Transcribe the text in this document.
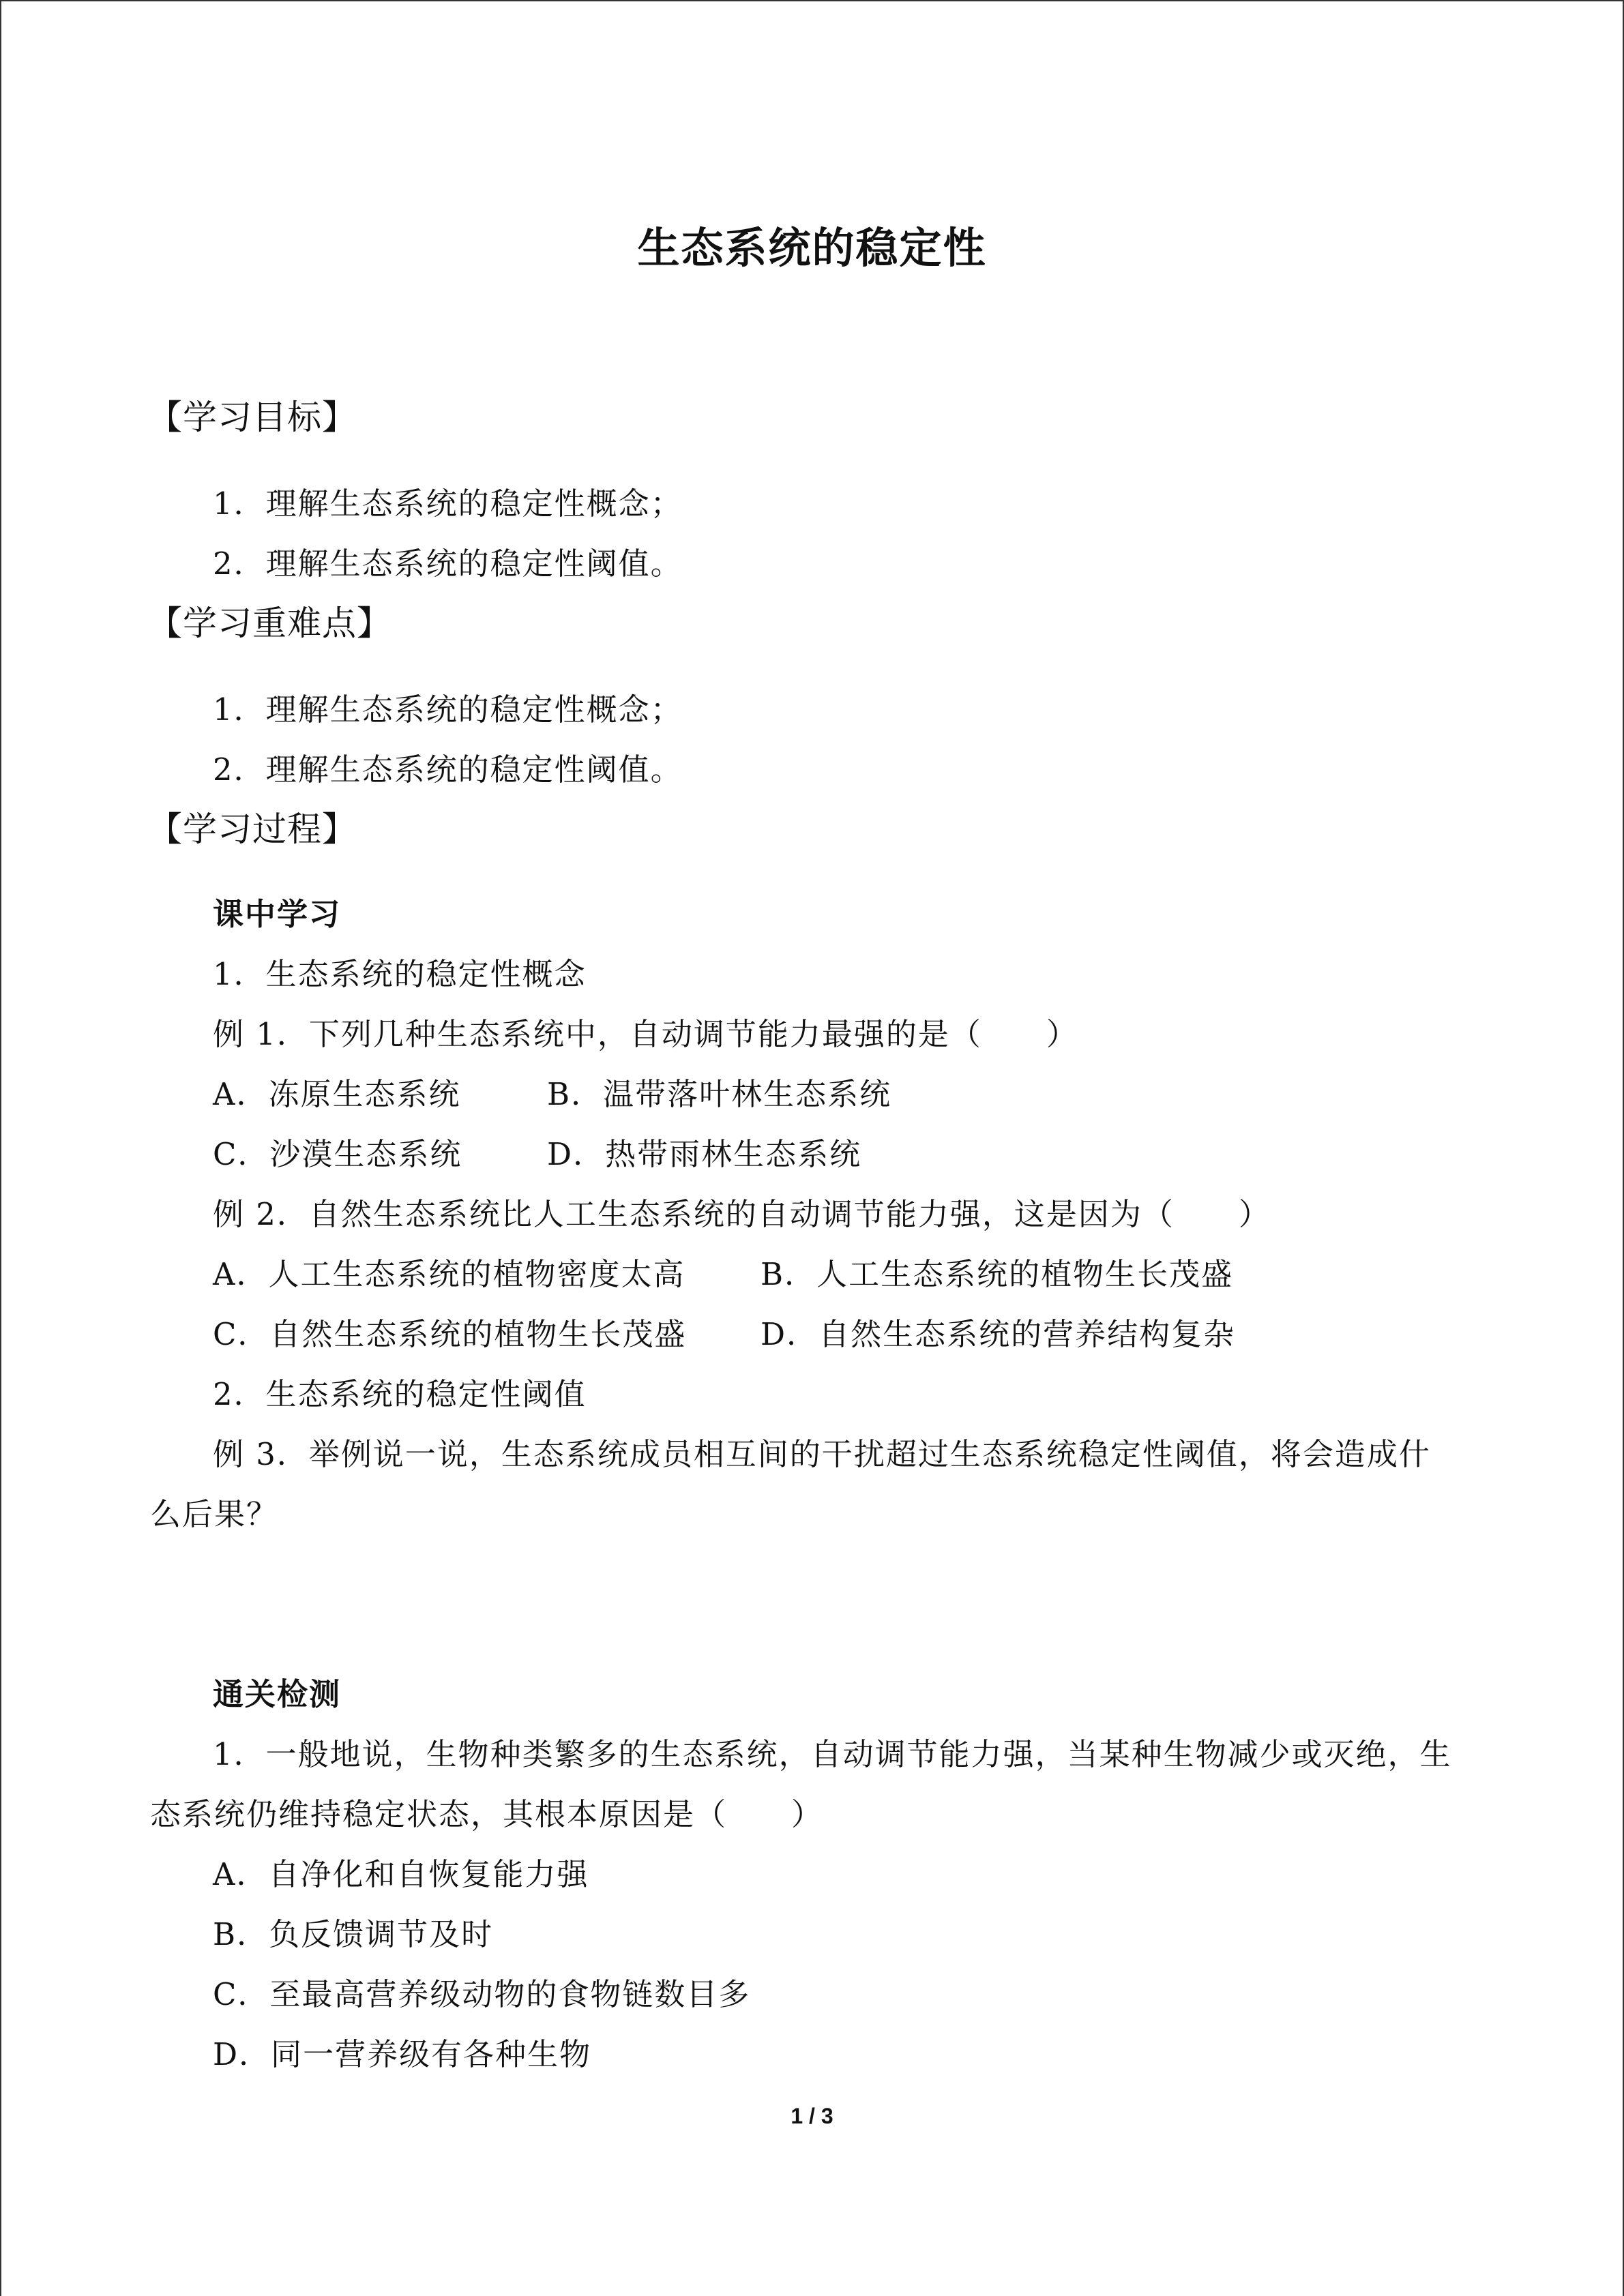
生态系统的稳定性
【学习目标】
1．理解生态系统的稳定性概念；
2．理解生态系统的稳定性阈值。
【学习重难点】
1．理解生态系统的稳定性概念；
2．理解生态系统的稳定性阈值。
【学习过程】
课中学习
1．生态系统的稳定性概念
例 1．下列几种生态系统中，自动调节能力最强的是（　　）
A．冻原生态系统	B．温带落叶林生态系统
C．沙漠生态系统	D．热带雨林生态系统
例 2．自然生态系统比人工生态系统的自动调节能力强，这是因为（　　）
A．人工生态系统的植物密度太高 B．人工生态系统的植物生长茂盛
C．自然生态系统的植物生长茂盛 D．自然生态系统的营养结构复杂
2．生态系统的稳定性阈值
例 3．举例说一说，生态系统成员相互间的干扰超过生态系统稳定性阈值，将会造成什
么后果？
通关检测
1．一般地说，生物种类繁多的生态系统，自动调节能力强，当某种生物减少或灭绝，生
态系统仍维持稳定状态，其根本原因是（　　）
A．自净化和自恢复能力强
B．负反馈调节及时
C．至最高营养级动物的食物链数目多
D．同一营养级有各种生物
1 / 3
